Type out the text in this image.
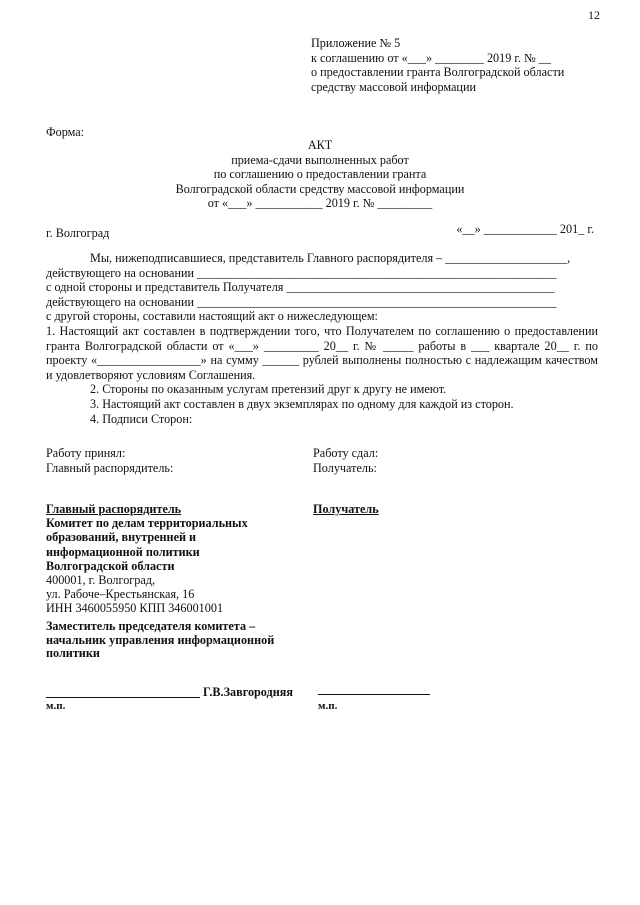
12
Приложение № 5
к соглашению от «___» ________ 2019 г. № __
о предоставлении гранта Волгоградской области
средству массовой информации
Форма:
АКТ
приема-сдачи выполненных работ
по соглашению о предоставлении гранта
Волгоградской области средству массовой информации
от «___» ___________ 2019 г. № _________
г. Волгоград	«__» ____________ 201_ г.

Мы, нижеподписавшиеся, представитель Главного распорядителя – ____________________,

действующего на основании ___________________________________________________________

с одной стороны и представитель Получателя ____________________________________________

действующего на основании ___________________________________________________________

с другой стороны, составили настоящий акт о нижеследующем:

1. Настоящий акт составлен в подтверждении того, что Получателем по соглашению о предоставлении гранта Волгоградской области от «___» _________ 20__ г. № _____ работы в ___ квартале 20__ г. по проекту «_________________» на сумму ______ рублей выполнены полностью с надлежащим качеством и удовлетворяют условиям Соглашения.

2. Стороны по оказанным услугам претензий друг к другу не имеют.

3. Настоящий акт составлен в двух экземплярах по одному для каждой из сторон.

4. Подписи Сторон:

Работу принял:
Главный распорядитель:
Работу сдал:
Получатель:
Главный распорядитель
Комитет по делам территориальных
образований, внутренней и
информационной политики
Волгоградской области
400001, г. Волгоград,
ул. Рабоче–Крестьянская, 16
ИНН 3460055950 КПП 346001001
Получатель
Заместитель председателя комитета –
начальник управления информационной
политики
Г.В.Завгородняя
м.п.	м.п.
